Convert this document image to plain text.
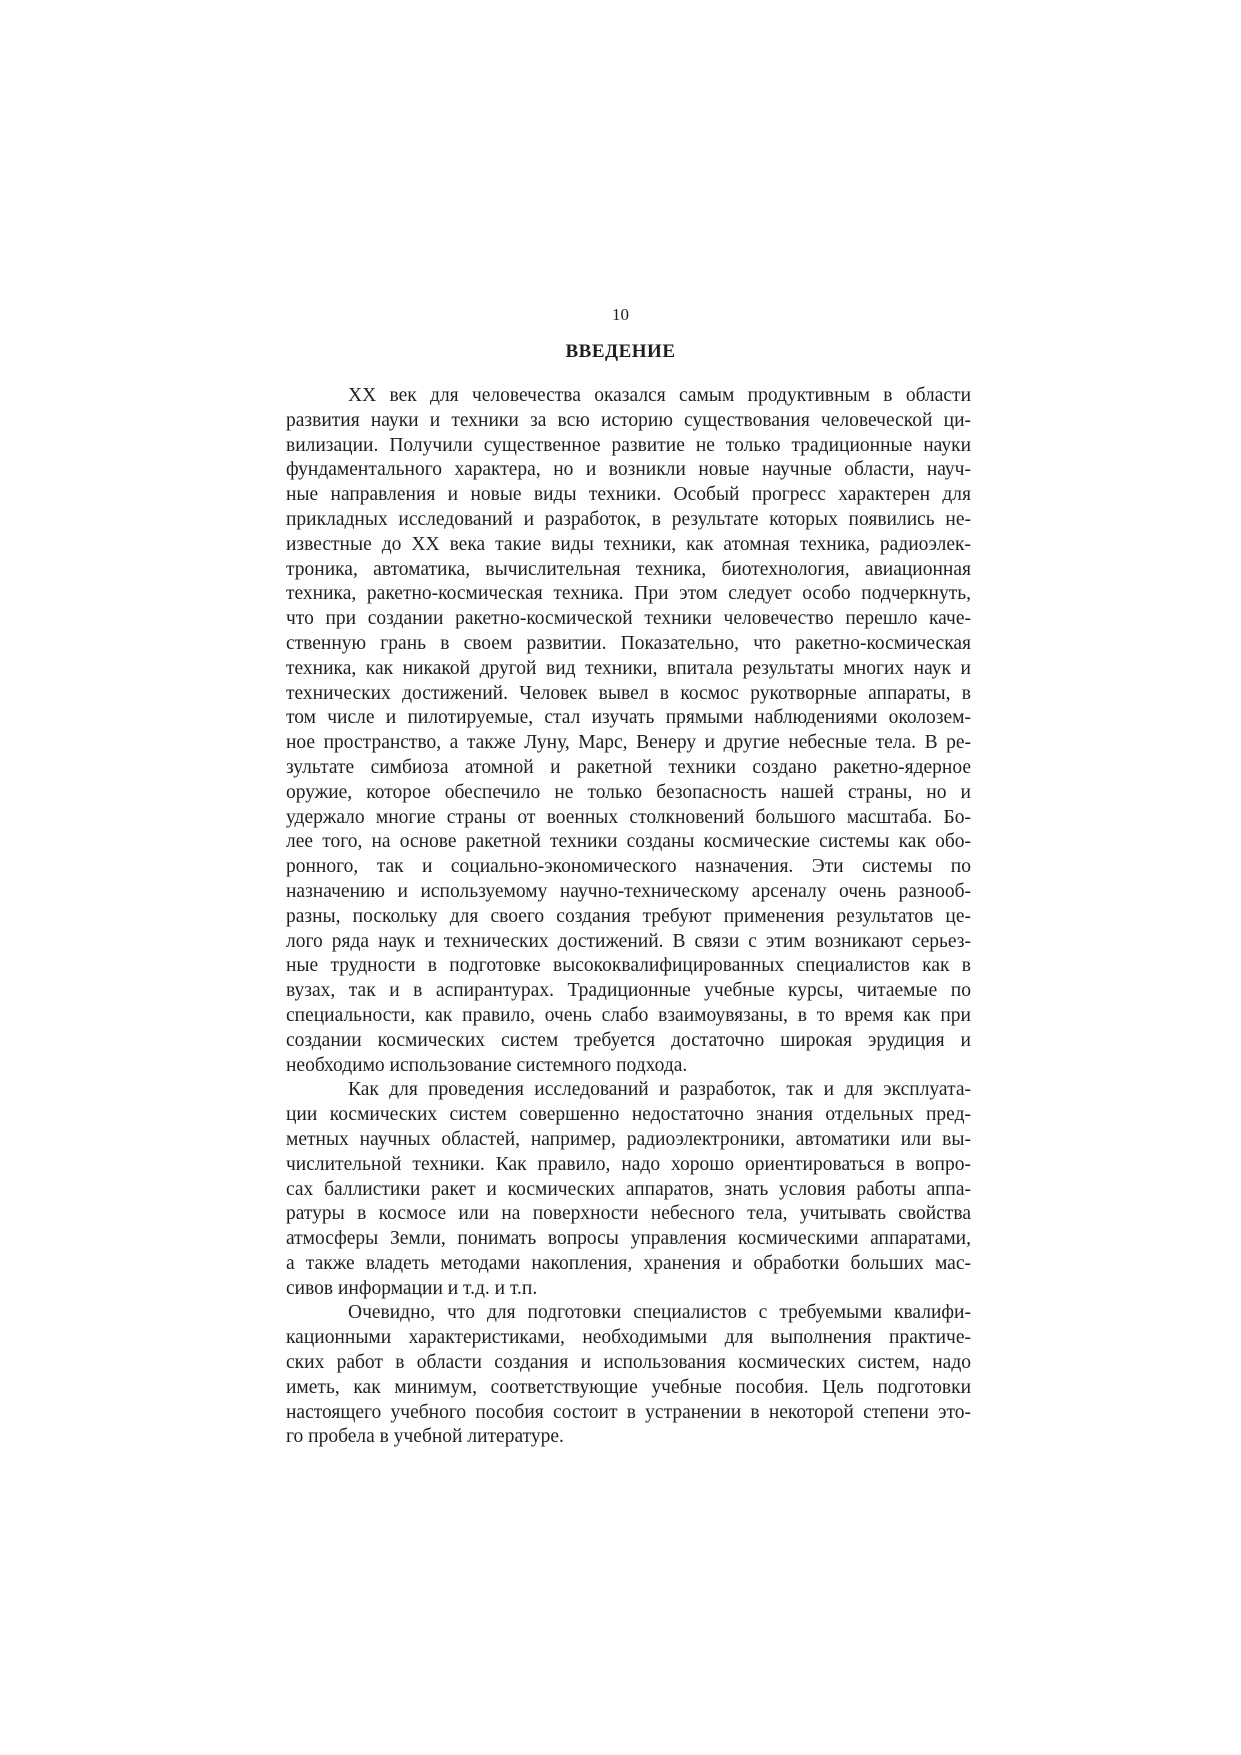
10
ВВЕДЕНИЕ
XX век для человечества оказался самым продуктивным в области
развития науки и техники за всю историю существования человеческой ци-
вилизации. Получили существенное развитие не только традиционные науки
фундаментального характера, но и возникли новые научные области, науч-
ные направления и новые виды техники. Особый прогресс характерен для
прикладных исследований и разработок, в результате которых появились не-
известные до XX века такие виды техники, как атомная техника, радиоэлек-
троника, автоматика, вычислительная техника, биотехнология, авиационная
техника, ракетно-космическая техника. При этом следует особо подчеркнуть,
что при создании ракетно-космической техники человечество перешло каче-
ственную грань в своем развитии. Показательно, что ракетно-космическая
техника, как никакой другой вид техники, впитала результаты многих наук и
технических достижений. Человек вывел в космос рукотворные аппараты, в
том числе и пилотируемые, стал изучать прямыми наблюдениями околозем-
ное пространство, а также Луну, Марс, Венеру и другие небесные тела. В ре-
зультате симбиоза атомной и ракетной техники создано ракетно-ядерное
оружие, которое обеспечило не только безопасность нашей страны, но и
удержало многие страны от военных столкновений большого масштаба. Бо-
лее того, на основе ракетной техники созданы космические системы как обо-
ронного, так и социально-экономического назначения. Эти системы по
назначению и используемому научно-техническому арсеналу очень разнооб-
разны, поскольку для своего создания требуют применения результатов це-
лого ряда наук и технических достижений. В связи с этим возникают серьез-
ные трудности в подготовке высококвалифицированных специалистов как в
вузах, так и в аспирантурах. Традиционные учебные курсы, читаемые по
специальности, как правило, очень слабо взаимоувязаны, в то время как при
создании космических систем требуется достаточно широкая эрудиция и
необходимо использование системного подхода.
Как для проведения исследований и разработок, так и для эксплуата-
ции космических систем совершенно недостаточно знания отдельных пред-
метных научных областей, например, радиоэлектроники, автоматики или вы-
числительной техники. Как правило, надо хорошо ориентироваться в вопро-
сах баллистики ракет и космических аппаратов, знать условия работы аппа-
ратуры в космосе или на поверхности небесного тела, учитывать свойства
атмосферы Земли, понимать вопросы управления космическими аппаратами,
а также владеть методами накопления, хранения и обработки больших мас-
сивов информации и т.д. и т.п.
Очевидно, что для подготовки специалистов с требуемыми квалифи-
кационными характеристиками, необходимыми для выполнения практиче-
ских работ в области создания и использования космических систем, надо
иметь, как минимум, соответствующие учебные пособия. Цель подготовки
настоящего учебного пособия состоит в устранении в некоторой степени это-
го пробела в учебной литературе.
